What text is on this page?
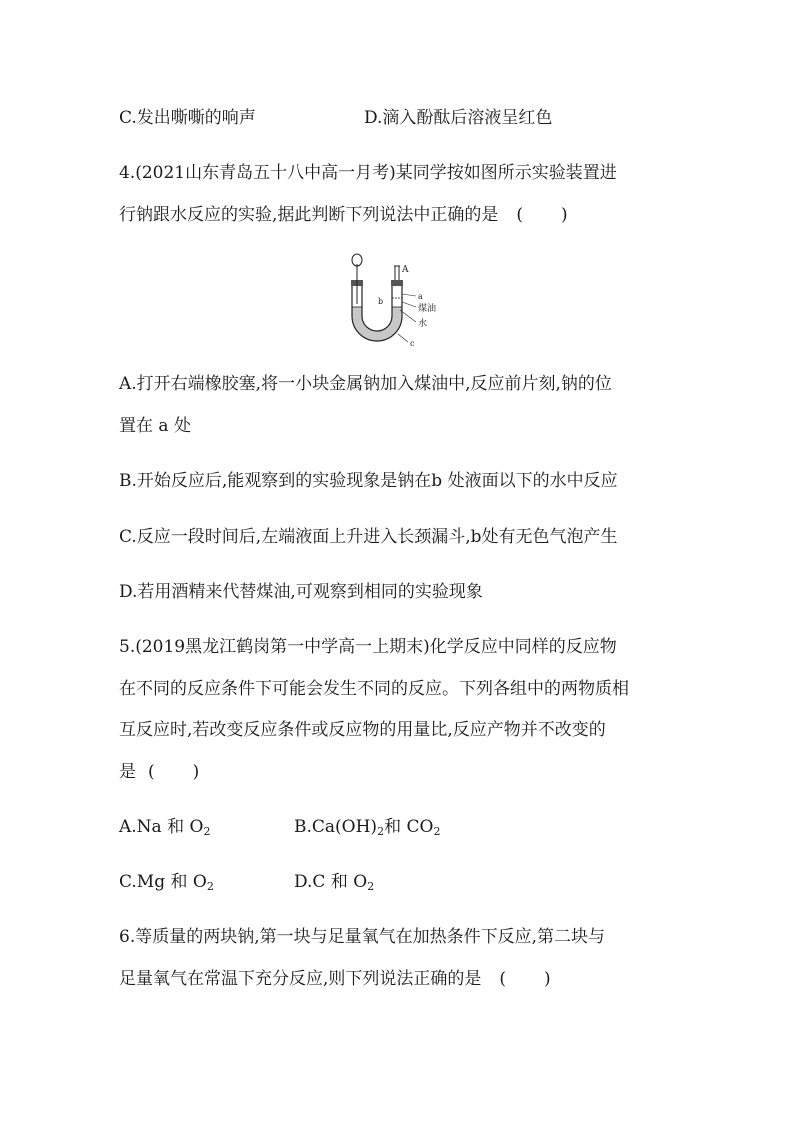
C.发出嘶嘶的响声	D.滴入酚酞后溶液呈红色
4.(2021山东青岛五十八中高一月考)某同学按如图所示实验装置进
行钠跟水反应的实验,据此判断下列说法中正确的是 ( )
A
a
b
煤油
水
c
A.打开右端橡胶塞,将一小块金属钠加入煤油中,反应前片刻,钠的位
置在 a 处
B.开始反应后,能观察到的实验现象是钠在b 处液面以下的水中反应
C.反应一段时间后,左端液面上升进入长颈漏斗,b处有无色气泡产生
D.若用酒精来代替煤油,可观察到相同的实验现象
5.(2019黑龙江鹤岗第一中学高一上期末)化学反应中同样的反应物
在不同的反应条件下可能会发生不同的反应。下列各组中的两物质相
互反应时,若改变反应条件或反应物的用量比,反应产物并不改变的
是 ( )
A.Na 和 $O_2$	$B.Ca(OH)_2$和 $CO_2$
C.Mg 和 $O_2$	D.C 和 $O_2$
6.等质量的两块钠,第一块与足量氧气在加热条件下反应,第二块与
足量氧气在常温下充分反应,则下列说法正确的是 ( )
